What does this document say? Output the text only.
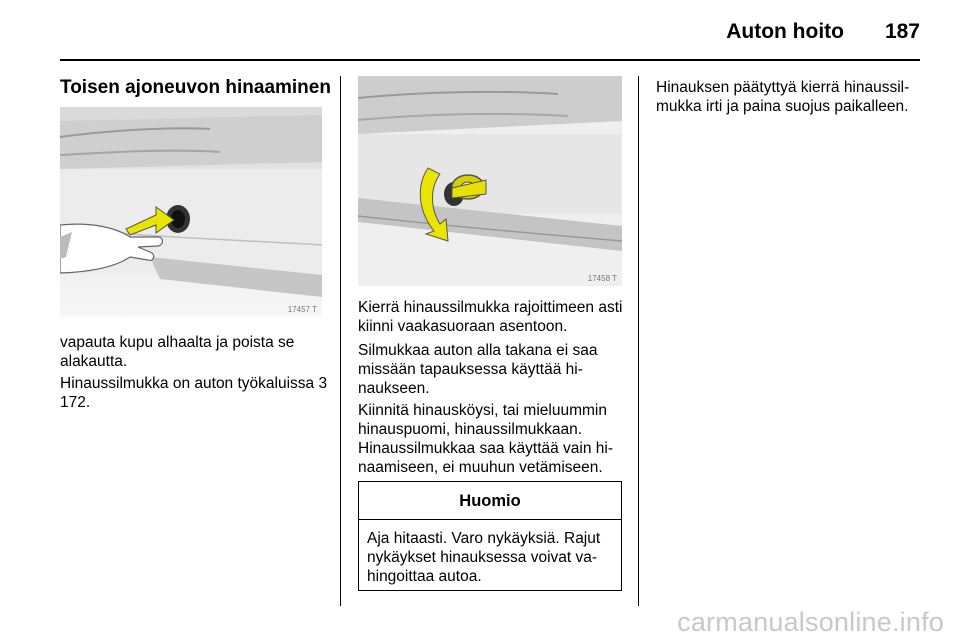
Auton hoito 187
Toisen ajoneuvon hinaaminen
17457 T
17458 T

vapauta kupu alhaalta ja poista se alakautta.

Hinaussilmukka on auton työkaluissa 3 172.

Kierrä hinaussilmukka rajoittimeen asti kiinni vaakasuoraan asentoon.

Silmukkaa auton alla takana ei saa missään tapauksessa käyttää hi-naukseen.

Kiinnitä hinausköysi, tai mieluummin hinauspuomi, hinaussilmukkaan.

Hinaussilmukkaa saa käyttää vain hi-naamiseen, ei muuhun vetämiseen.

Huomio
Aja hitaasti. Varo nykäyksiä. Rajut nykäykset hinauksessa voivat va-hingoittaa autoa.

Hinauksen päätyttyä kierrä hinaussil-mukka irti ja paina suojus paikalleen.

carmanualsonline.info
